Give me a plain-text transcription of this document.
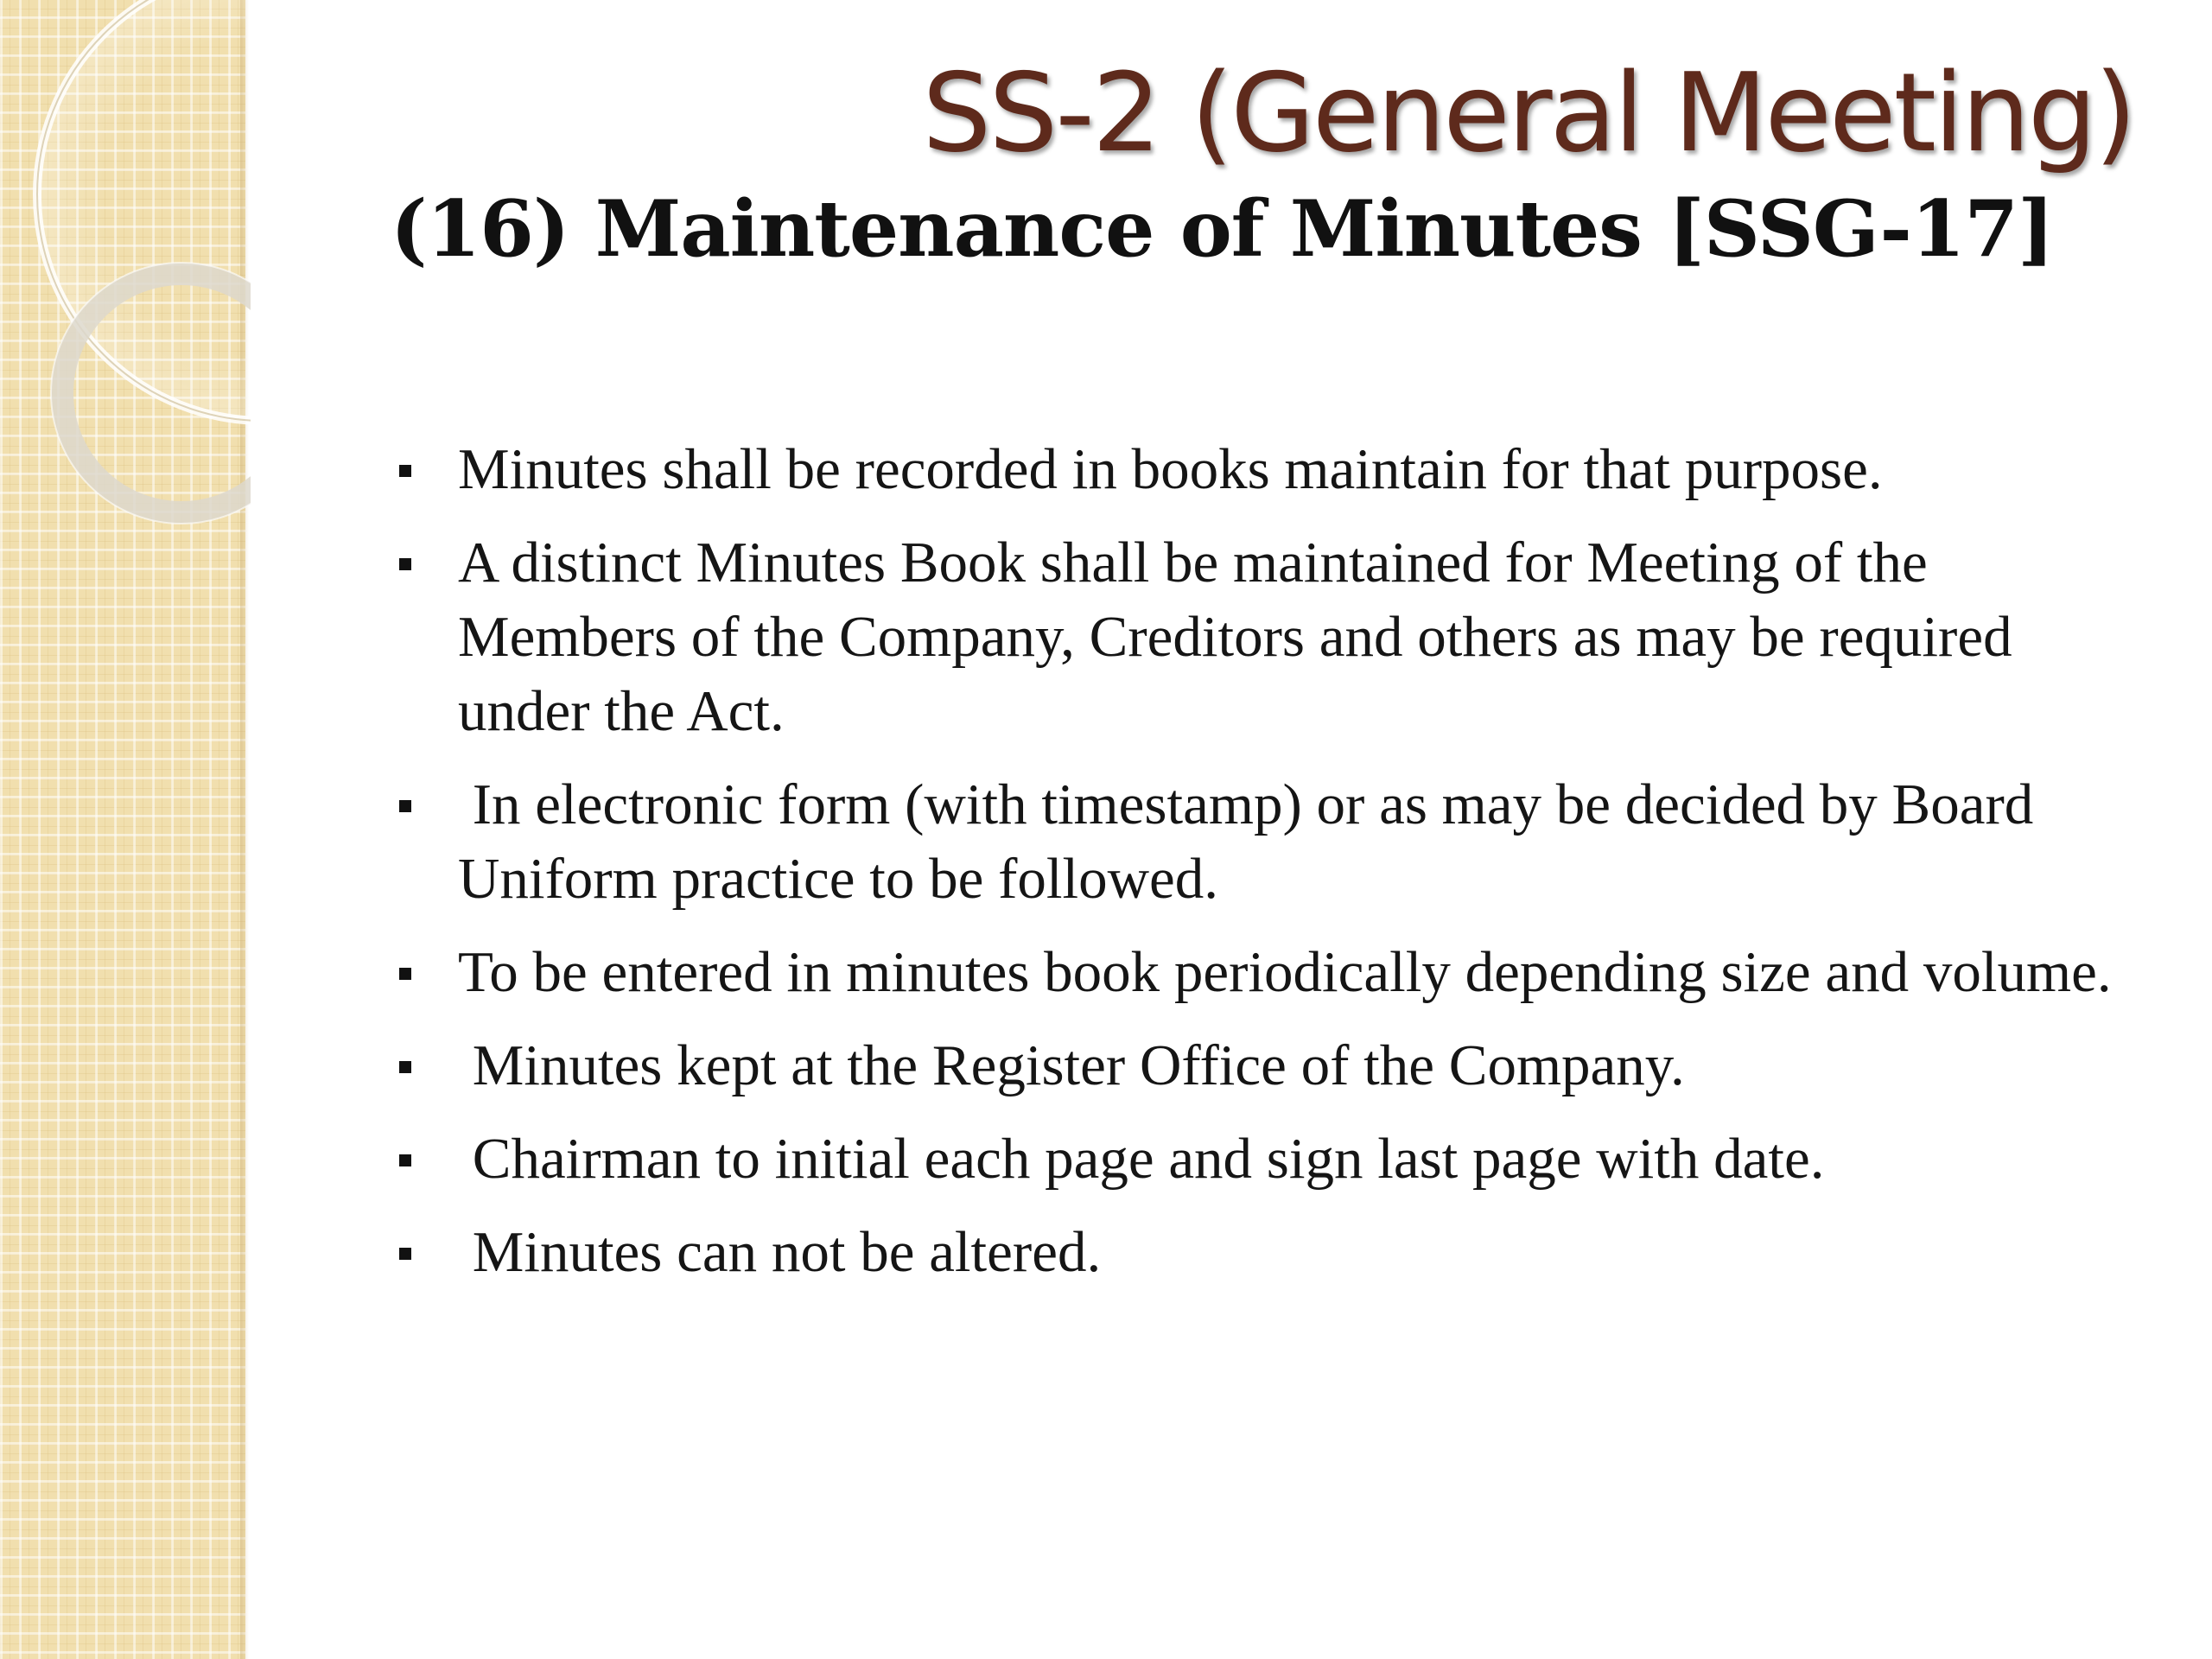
SS-2 (General Meeting)
(16) Maintenance of Minutes [SSG-17]
Minutes shall be recorded in books maintain for that purpose.
A distinct Minutes Book shall be maintained for Meeting of the Members of the Company, Creditors and others as may be required under the Act.
In electronic form (with timestamp) or as may be decided by Board  Uniform practice to be followed.
To be entered in minutes book periodically depending size and volume.
Minutes kept at the Register Office of the Company.
Chairman to initial each page and sign last page with date.
Minutes can not be altered.
